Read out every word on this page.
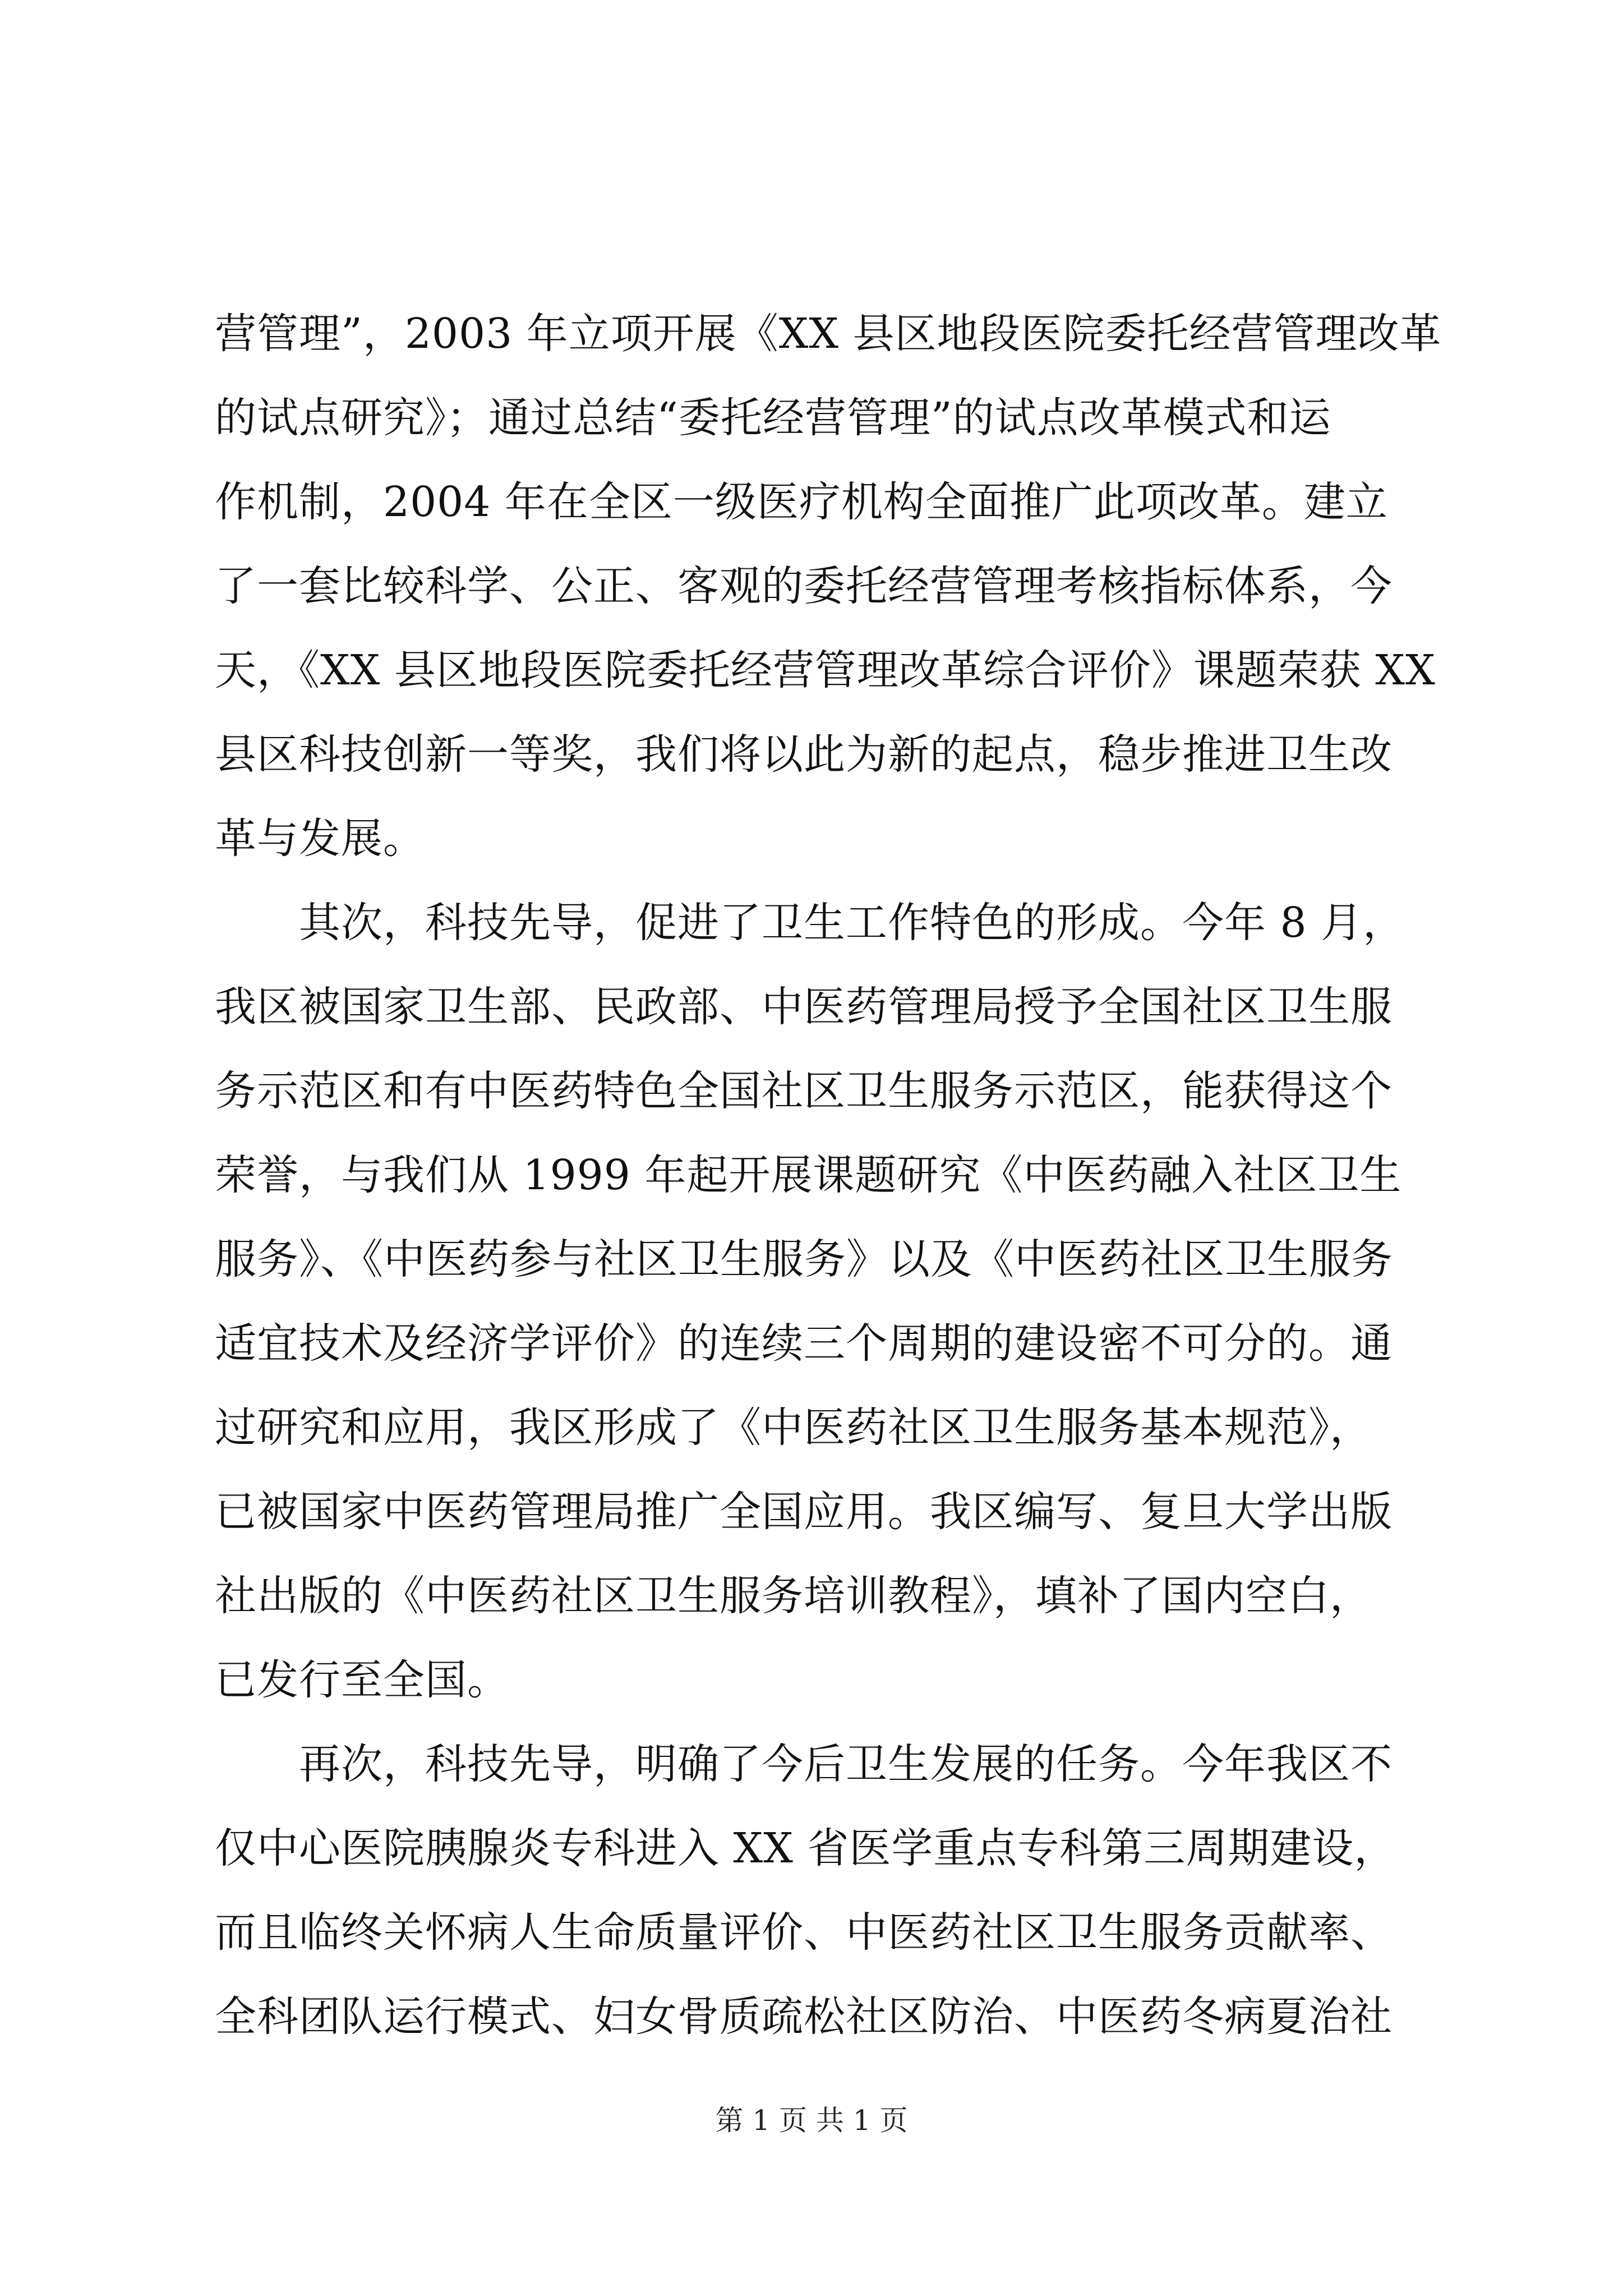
营管理”，2003 年立项开展《XX 县区地段医院委托经营管理改革
的试点研究》；通过总结“委托经营管理”的试点改革模式和运
作机制，2004 年在全区一级医疗机构全面推广此项改革。建立
了一套比较科学、公正、客观的委托经营管理考核指标体系，今
天，《XX 县区地段医院委托经营管理改革综合评价》课题荣获 XX
县区科技创新一等奖，我们将以此为新的起点，稳步推进卫生改
革与发展。
　　其次，科技先导，促进了卫生工作特色的形成。今年 8 月，
我区被国家卫生部、民政部、中医药管理局授予全国社区卫生服
务示范区和有中医药特色全国社区卫生服务示范区，能获得这个
荣誉，与我们从 1999 年起开展课题研究《中医药融入社区卫生
服务》、《中医药参与社区卫生服务》以及《中医药社区卫生服务
适宜技术及经济学评价》的连续三个周期的建设密不可分的。通
过研究和应用，我区形成了《中医药社区卫生服务基本规范》，
已被国家中医药管理局推广全国应用。我区编写、复旦大学出版
社出版的《中医药社区卫生服务培训教程》，填补了国内空白，
已发行至全国。
　　再次，科技先导，明确了今后卫生发展的任务。今年我区不
仅中心医院胰腺炎专科进入 XX 省医学重点专科第三周期建设，
而且临终关怀病人生命质量评价、中医药社区卫生服务贡献率、
全科团队运行模式、妇女骨质疏松社区防治、中医药冬病夏治社
第 1 页 共 1 页
